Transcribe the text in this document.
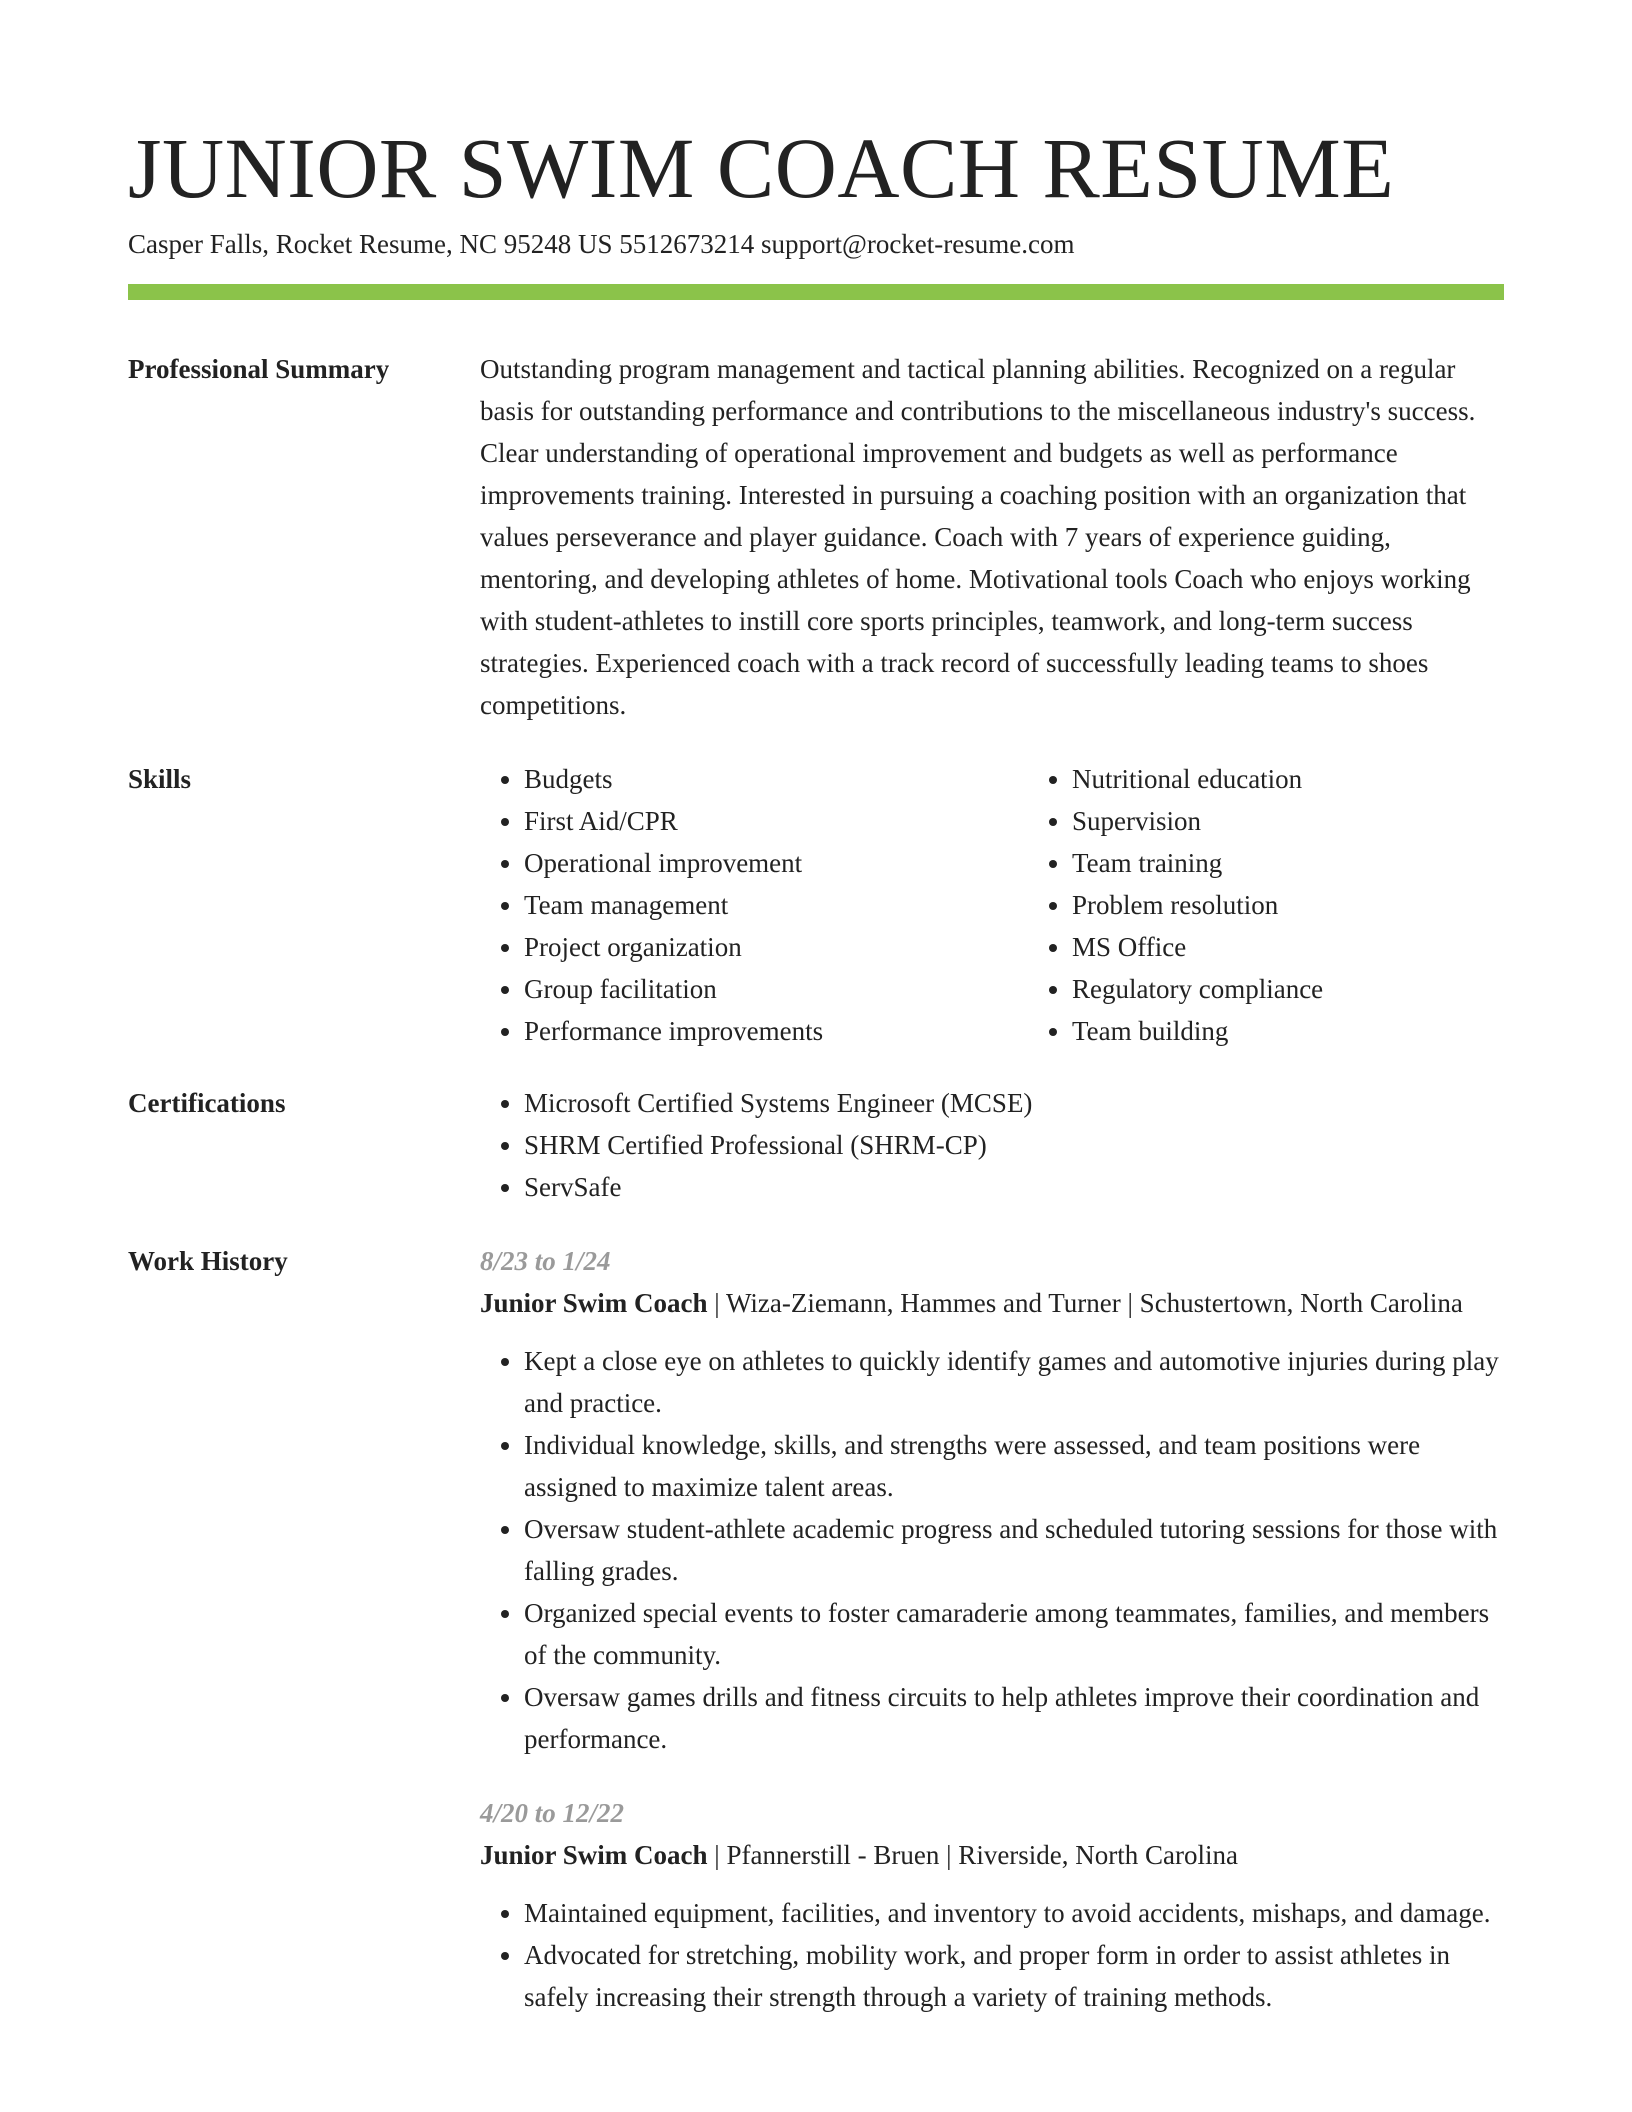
JUNIOR SWIM COACH RESUME
Casper Falls, Rocket Resume, NC 95248 US 5512673214 support@rocket-resume.com
Professional Summary	Outstanding program management and tactical planning abilities. Recognized on a regular basis for outstanding performance and contributions to the miscellaneous industry's success. Clear understanding of operational improvement and budgets as well as performance improvements training. Interested in pursuing a coaching position with an organization that values perseverance and player guidance. Coach with 7 years of experience guiding, mentoring, and developing athletes of home. Motivational tools Coach who enjoys working with student-athletes to instill core sports principles, teamwork, and long-term success strategies. Experienced coach with a track record of successfully leading teams to shoes competitions.

Skills	• Budgets
• First Aid/CPR
• Operational improvement
• Team management
• Project organization
• Group facilitation
• Performance improvements
• Nutritional education
• Supervision
• Team training
• Problem resolution
• MS Office
• Regulatory compliance
• Team building
Certifications	• Microsoft Certified Systems Engineer (MCSE)
• SHRM Certified Professional (SHRM-CP)
• ServSafe
Work History	8/23 to 1/24
Junior Swim Coach | Wiza-Ziemann, Hammes and Turner | Schustertown, North Carolina
• Kept a close eye on athletes to quickly identify games and automotive injuries during play and practice.
• Individual knowledge, skills, and strengths were assessed, and team positions were assigned to maximize talent areas.
• Oversaw student-athlete academic progress and scheduled tutoring sessions for those with falling grades.
• Organized special events to foster camaraderie among teammates, families, and members of the community.
• Oversaw games drills and fitness circuits to help athletes improve their coordination and performance.
4/20 to 12/22
Junior Swim Coach | Pfannerstill - Bruen | Riverside, North Carolina
• Maintained equipment, facilities, and inventory to avoid accidents, mishaps, and damage.
• Advocated for stretching, mobility work, and proper form in order to assist athletes in safely increasing their strength through a variety of training methods.
